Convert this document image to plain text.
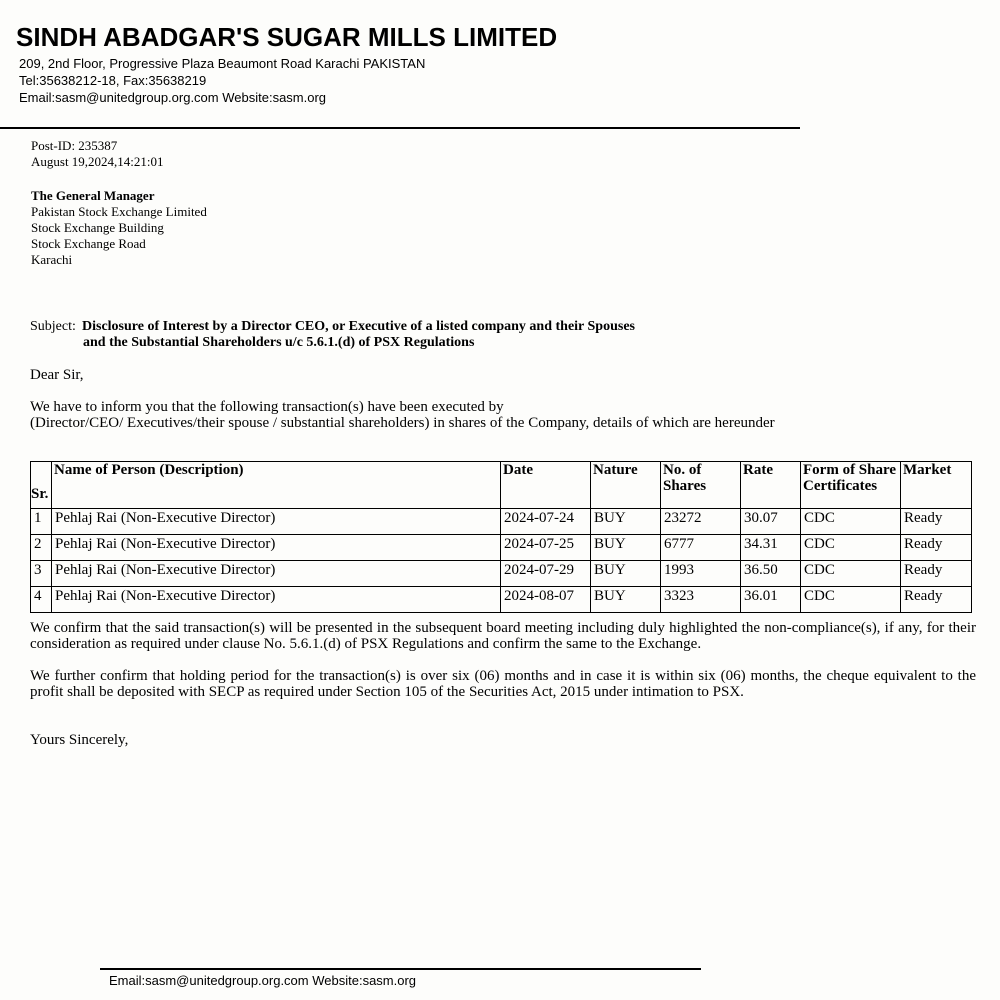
SINDH ABADGAR'S SUGAR MILLS LIMITED
209, 2nd Floor, Progressive Plaza Beaumont Road Karachi PAKISTAN
Tel:35638212-18, Fax:35638219
Email:sasm@unitedgroup.org.com Website:sasm.org
Post-ID: 235387
August 19,2024,14:21:01
The General Manager
Pakistan Stock Exchange Limited
Stock Exchange Building
Stock Exchange Road
Karachi
Subject: Disclosure of Interest by a Director CEO, or Executive of a listed company and their Spouses
and the Substantial Shareholders u/c 5.6.1.(d) of PSX Regulations
Dear Sir,
We have to inform you that the following transaction(s) have been executed by
(Director/CEO/ Executives/their spouse / substantial shareholders) in shares of the Company, details of which are hereunder
Sr.	Name of Person (Description)	Date	Nature	No. of Shares	Rate	Form of Share Certificates	Market
1	Pehlaj Rai (Non-Executive Director)	2024-07-24	BUY	23272	30.07	CDC	Ready
2	Pehlaj Rai (Non-Executive Director)	2024-07-25	BUY	6777	34.31	CDC	Ready
3	Pehlaj Rai (Non-Executive Director)	2024-07-29	BUY	1993	36.50	CDC	Ready
4	Pehlaj Rai (Non-Executive Director)	2024-08-07	BUY	3323	36.01	CDC	Ready
We confirm that the said transaction(s) will be presented in the subsequent board meeting including duly highlighted the non-compliance(s), if any, for their consideration as required under clause No. 5.6.1.(d) of PSX Regulations and confirm the same to the Exchange.
We further confirm that holding period for the transaction(s) is over six (06) months and in case it is within six (06) months, the cheque equivalent to the profit shall be deposited with SECP as required under Section 105 of the Securities Act, 2015 under intimation to PSX.
Yours Sincerely,
Email:sasm@unitedgroup.org.com Website:sasm.org
